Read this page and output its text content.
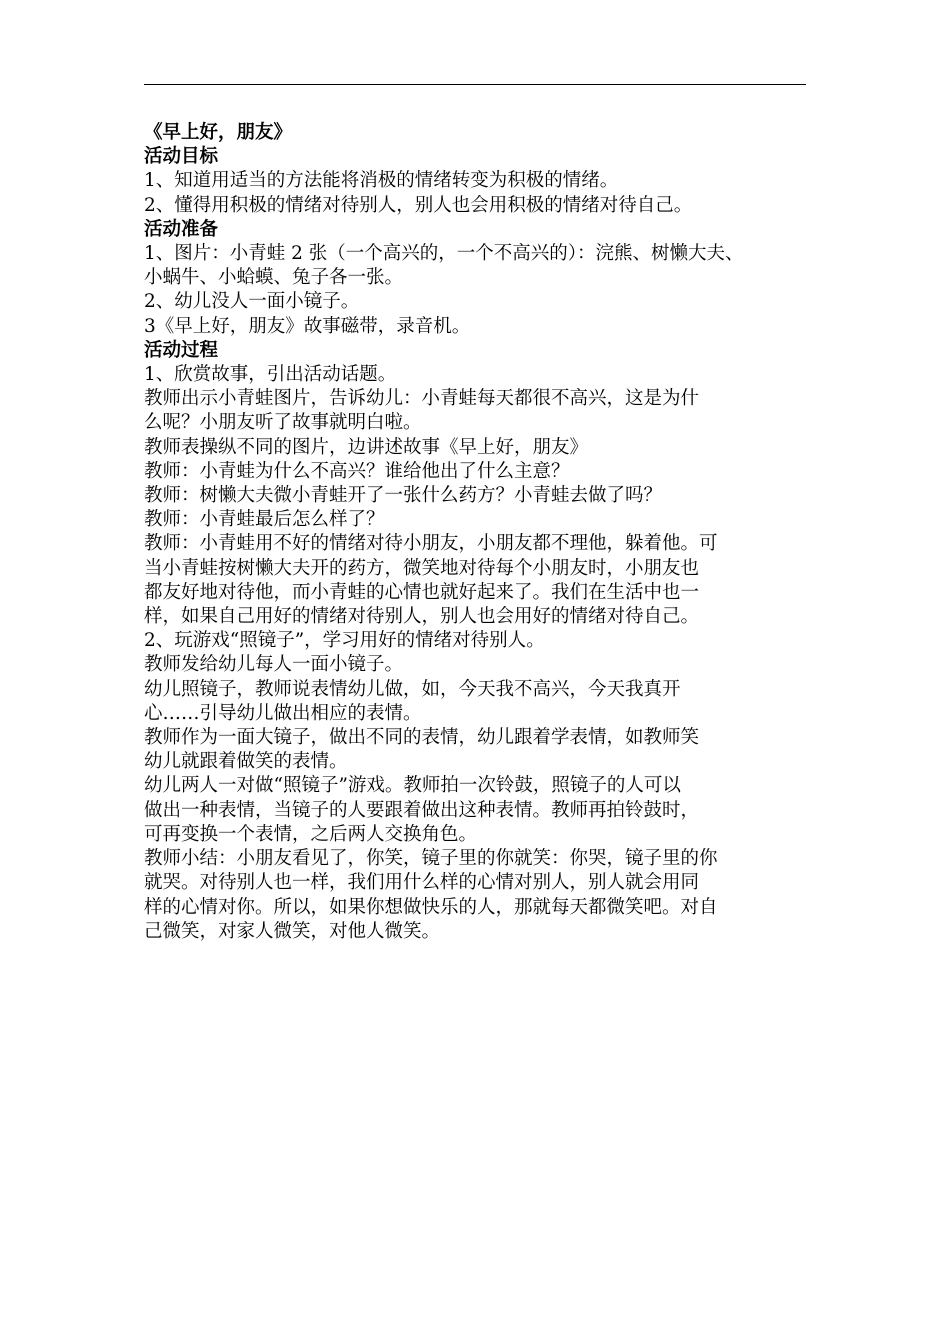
《早上好，朋友》

活动目标

1、知道用适当的方法能将消极的情绪转变为积极的情绪。

2、懂得用积极的情绪对待别人，别人也会用积极的情绪对待自己。

活动准备

1、图片：小青蛙 2 张（一个高兴的，一个不高兴的）：浣熊、树懒大夫、

小蜗牛、小蛤蟆、兔子各一张。

2、幼儿没人一面小镜子。

3《早上好，朋友》故事磁带，录音机。

活动过程

1、欣赏故事，引出活动话题。

教师出示小青蛙图片，告诉幼儿：小青蛙每天都很不高兴，这是为什

么呢？小朋友听了故事就明白啦。

教师表操纵不同的图片，边讲述故事《早上好，朋友》

教师：小青蛙为什么不高兴？谁给他出了什么主意？

教师：树懒大夫微小青蛙开了一张什么药方？小青蛙去做了吗？

教师：小青蛙最后怎么样了？

教师：小青蛙用不好的情绪对待小朋友，小朋友都不理他，躲着他。可

当小青蛙按树懒大夫开的药方，微笑地对待每个小朋友时，小朋友也

都友好地对待他，而小青蛙的心情也就好起来了。我们在生活中也一

样，如果自己用好的情绪对待别人，别人也会用好的情绪对待自己。

2、玩游戏“照镜子”，学习用好的情绪对待别人。

教师发给幼儿每人一面小镜子。

幼儿照镜子，教师说表情幼儿做，如，今天我不高兴，今天我真开

心……引导幼儿做出相应的表情。

教师作为一面大镜子，做出不同的表情，幼儿跟着学表情，如教师笑

幼儿就跟着做笑的表情。

幼儿两人一对做“照镜子”游戏。教师拍一次铃鼓，照镜子的人可以

做出一种表情，当镜子的人要跟着做出这种表情。教师再拍铃鼓时，

可再变换一个表情，之后两人交换角色。

教师小结：小朋友看见了，你笑，镜子里的你就笑：你哭，镜子里的你

就哭。对待别人也一样，我们用什么样的心情对别人，别人就会用同

样的心情对你。所以，如果你想做快乐的人，那就每天都微笑吧。对自

己微笑，对家人微笑，对他人微笑。
